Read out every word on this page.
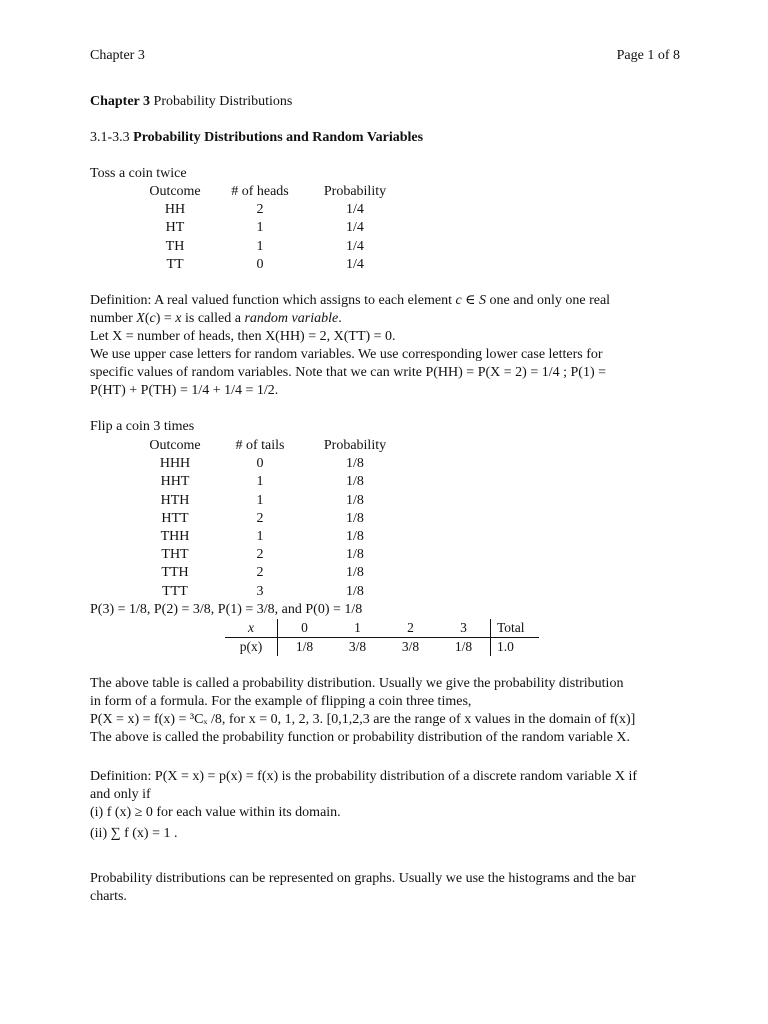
Chapter 3	Page 1 of 8
Chapter 3 Probability Distributions
3.1-3.3 Probability Distributions and Random Variables
Toss a coin twice
Outcome	# of heads	Probability
HH	2	1/4
HT	1	1/4
TH	1	1/4
TT	0	1/4

Definition: A real valued function which assigns to each element c ∈ S one and only one real

number X(c) = x is called a random variable.

Let X = number of heads, then X(HH) = 2, X(TT) = 0.

We use upper case letters for random variables. We use corresponding lower case letters for

specific values of random variables. Note that we can write P(HH) = P(X = 2) = 1/4 ; P(1) =

P(HT) + P(TH) = 1/4 + 1/4 = 1/2.

Flip a coin 3 times
Outcome	# of tails	Probability
HHH	0	1/8
HHT	1	1/8
HTH	1	1/8
HTT	2	1/8
THH	1	1/8
THT	2	1/8
TTH	2	1/8
TTT	3	1/8
P(3) = 1/8, P(2) = 3/8, P(1) = 3/8, and P(0) = 1/8
x	0	1	2	3	Total
p(x)	1/8	3/8	3/8	1/8	1.0

The above table is called a probability distribution. Usually we give the probability distribution

in form of a formula. For the example of flipping a coin three times,

P(X = x) = f(x) = ³Cₓ /8, for x = 0, 1, 2, 3. [0,1,2,3 are the range of x values in the domain of f(x)]

The above is called the probability function or probability distribution of the random variable X.

Definition: P(X = x) = p(x) = f(x) is the probability distribution of a discrete random variable X if

and only if

(i) f (x) ≥ 0 for each value within its domain.

(ii) ∑ f (x) = 1 .

Probability distributions can be represented on graphs. Usually we use the histograms and the bar

charts.
